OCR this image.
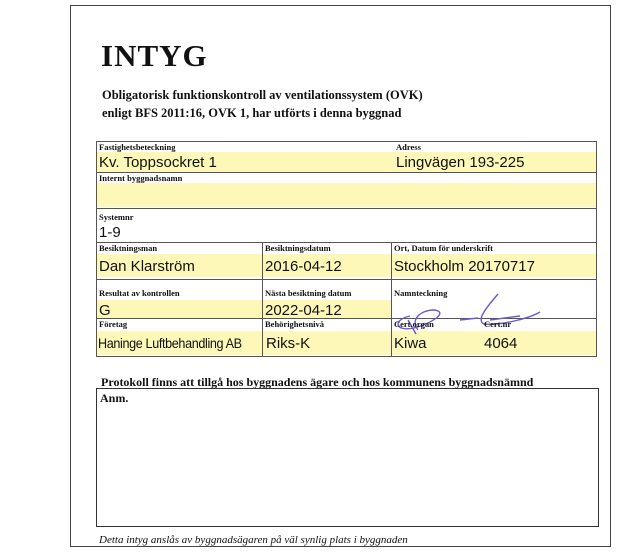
INTYG
Obligatorisk funktionskontroll av ventilationssystem (OVK)
enligt BFS 2011:16, OVK 1, har utförts i denna byggnad
Fastighetsbeteckning
Kv. Toppsockret 1
Adress
Lingvägen 193-225
Internt byggnadsnamn
Systemnr
1-9
Besiktningsman
Dan Klarström
Besiktningsdatum
2016-04-12
Ort, Datum för underskrift
Stockholm 20170717
Resultat av kontrollen
G
Nästa besiktning datum
2022-04-12
Namnteckning
Företag
Haninge Luftbehandling AB
Behörighetsnivå
Riks-K
Cert.organ
Kiwa
Cert.nr
4064
Protokoll finns att tillgå hos byggnadens ägare och hos kommunens byggnadsnämnd
Anm.
Detta intyg anslås av byggnadsägaren på väl synlig plats i byggnaden
